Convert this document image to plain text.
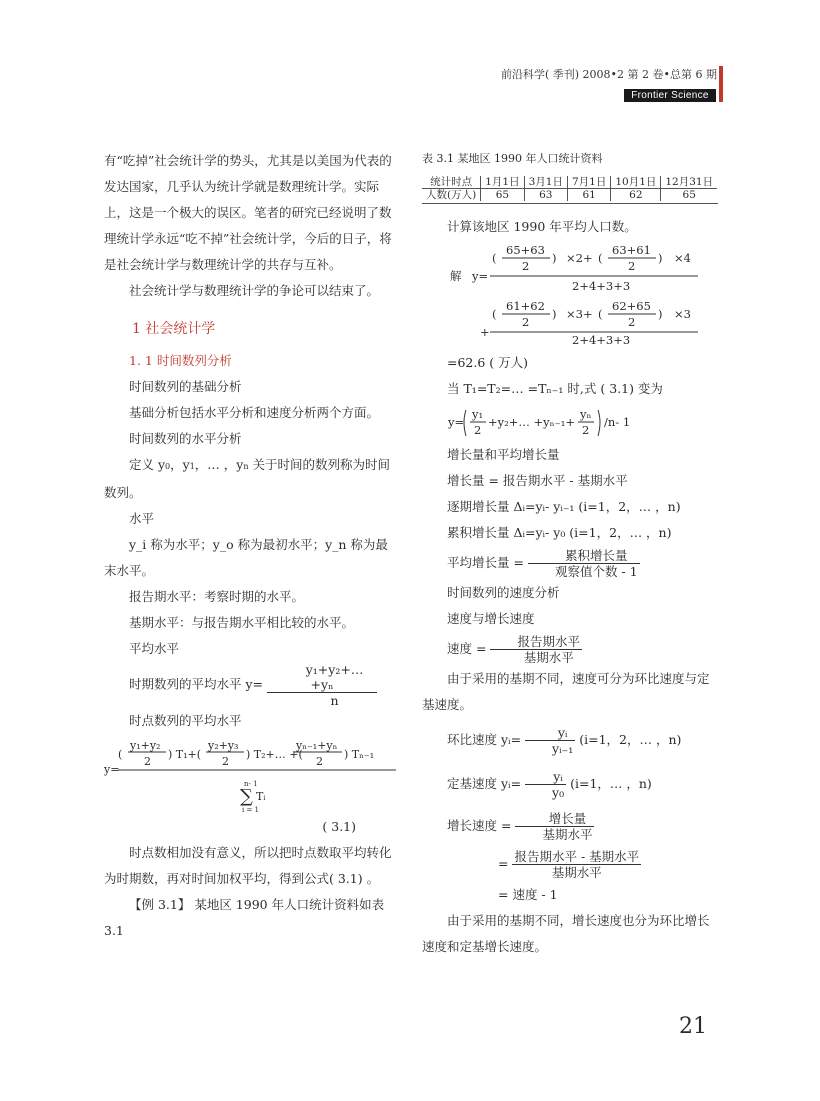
前沿科学( 季刊) 2008•2 第 2 卷•总第 6 期
Frontier Science

有“吃掉”社会统计学的势头，尤其是以美国为代表的发达国家，几乎认为统计学就是数理统计学。实际上，这是一个极大的误区。笔者的研究已经说明了数理统计学永远“吃不掉”社会统计学，今后的日子，将是社会统计学与数理统计学的共存与互补。

社会统计学与数理统计学的争论可以结束了。

1 社会统计学

1. 1 时间数列分析

时间数列的基础分析

基础分析包括水平分析和速度分析两个方面。

时间数列的水平分析

定义 y0，y1，… ，yn 关于时间的数列称为时间数列。

水平

y_i 称为水平；y_o 称为最初水平；y_n 称为最末水平。

报告期水平：考察时期的水平。

基期水平：与报告期水平相比较的水平。

平均水平

时期数列的平均水平 $y= \frac{\text{y₁+y₂+… +yₙ}}{n}$

时点数列的平均水平

y=
(
y₁+y₂
2
) T₁+(
y₂+y₃
2
) T₂+… +(
yₙ₋₁+yₙ
2
) Tₙ₋₁
n- 1
∑ Tᵢ
i = 1

( 3.1)

时点数相加没有意义，所以把时点数取平均转化为时期数，再对时间加权平均，得到公式( 3.1) 。

【例 3.1】 某地区 1990 年人口统计资料如表 3.1

表 3.1 某地区 1990 年人口统计资料

统计时点	1月1日	3月1日	7月1日	10月1日	12月31日
人数(万人)	65	63	61	62	65

计算该地区 1990 年平均人口数。

解 y=
(
65+63
2
) ×2+ (
63+61
2
) ×4
2+4+3+3
+
(
61+62
2
) ×3+ (
62+65
2
) ×3
2+4+3+3

=62.6 ( 万人)

当 T₁=T₂=… =Tₙ₋₁ 时,式 ( 3.1) 变为

y=
y₁
2
+y₂+… +yₙ₋₁+
yₙ
2
/n- 1

增长量和平均增长量

增长量 = 报告期水平 - 基期水平

逐期增长量 Δᵢ=yᵢ- yᵢ₋₁ (i=1，2，… ，n)

累积增长量 Δᵢ=yᵢ- y₀ (i=1，2，… ，n)

平均增长量 = $\frac{\text{累积增长量}}{\text{观察值个数 - 1}}$

时间数列的速度分析

速度与增长速度

速度 = $\frac{\text{报告期水平}}{\text{基期水平}}$

由于采用的基期不同，速度可分为环比速度与定基速度。

环比速度 yᵢ= $\frac{\text{yᵢ}}{\text{yᵢ₋₁}} (i=1$，2，… ，n)

定基速度 yᵢ= $\frac{\text{yᵢ}}{\text{y₀}} (i=1$，… ，n)

增长速度 = $\frac{\text{增长量}}{\text{基期水平}}$

= $\frac{\text{报告期水平 - 基期水平}}{\text{基期水平}}$

= 速度 - 1

由于采用的基期不同，增长速度也分为环比增长速度和定基增长速度。

21
